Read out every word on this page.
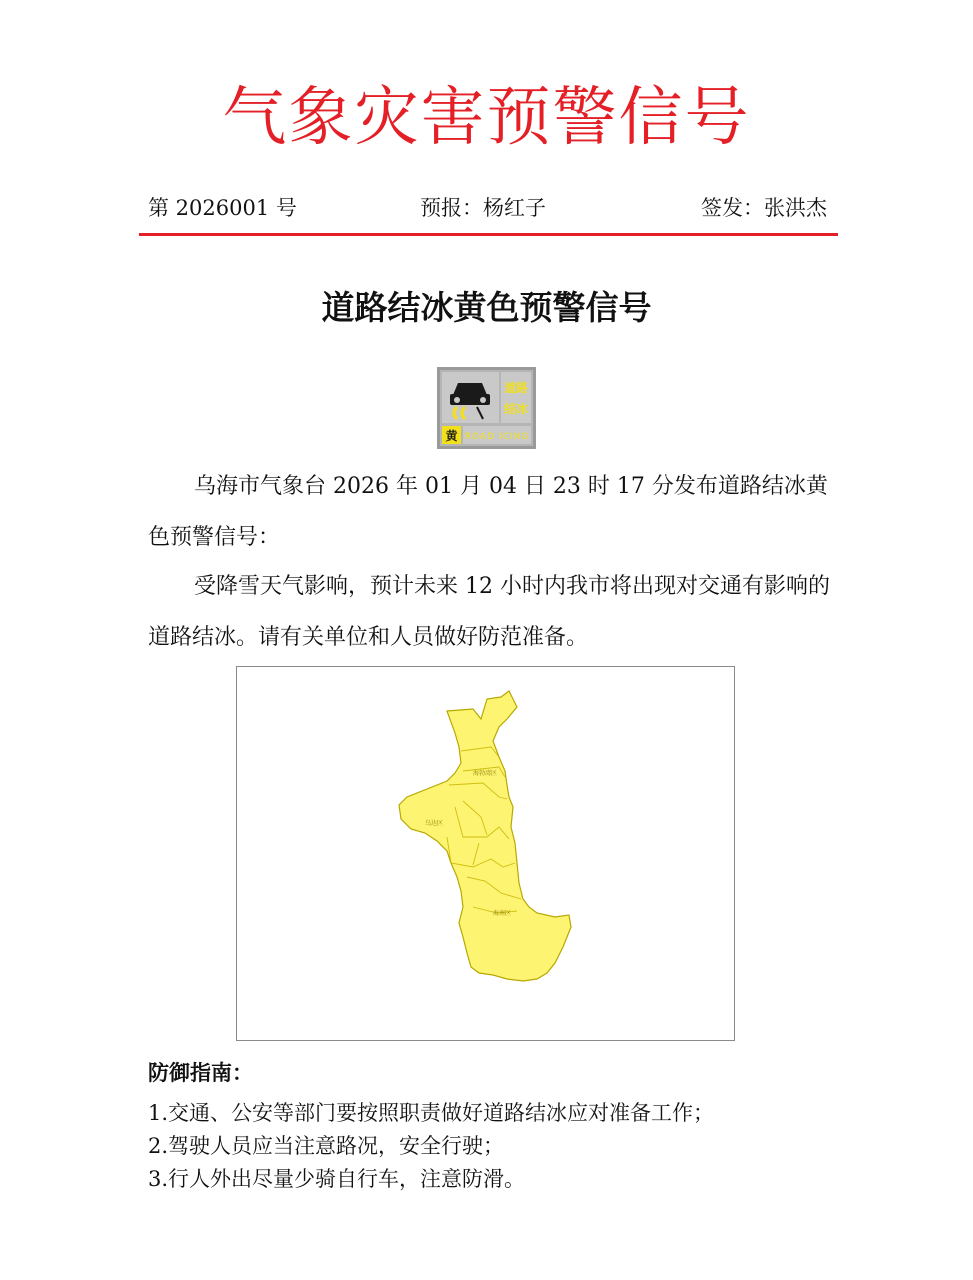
气象灾害预警信号
第 2026001 号	预报：杨红子	签发：张洪杰
道路结冰黄色预警信号
道路
结冰
黄 ROAD ICING

乌海市气象台 2026 年 01 月 04 日 23 时 17 分发布道路结冰黄色预警信号：

受降雪天气影响，预计未来 12 小时内我市将出现对交通有影响的道路结冰。请有关单位和人员做好防范准备。

海勃湾区
乌达区
海南区
防御指南：
1.交通、公安等部门要按照职责做好道路结冰应对准备工作；
2.驾驶人员应当注意路况，安全行驶；
3.行人外出尽量少骑自行车，注意防滑。
